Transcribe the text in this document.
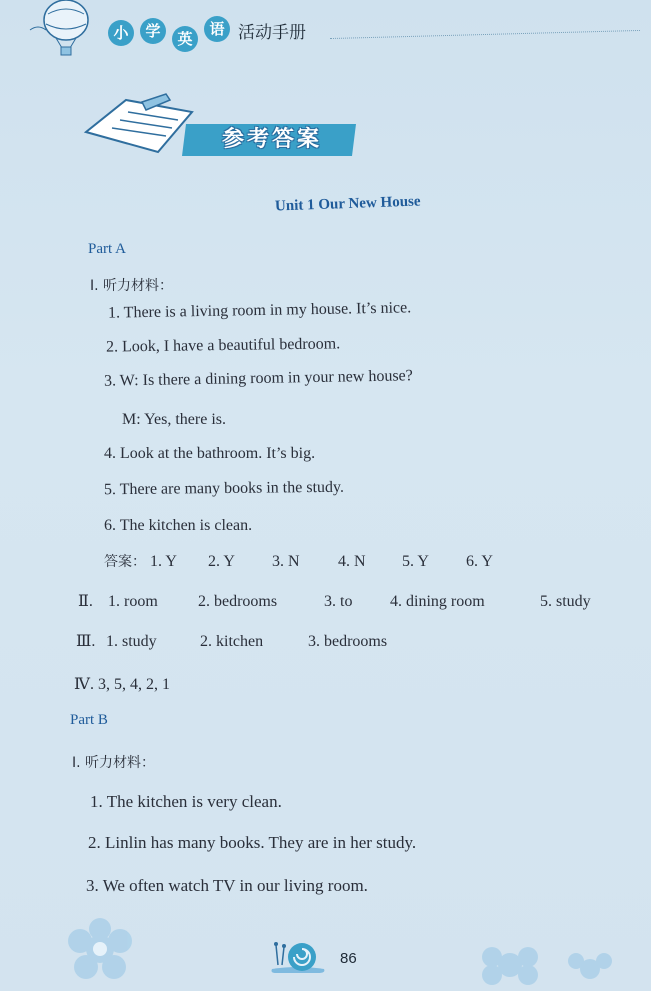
小	学	英
语 活动手册
参考答案
Unit 1 Our New House
Part A
Ⅰ. 听力材料：
1. There is a living room in my house. It’s nice.
2. Look, I have a beautiful bedroom.
3. W: Is there a dining room in your new house?
M: Yes, there is.
4. Look at the bathroom. It’s big.
5. There are many books in the study.
6. The kitchen is clean.
答案： 1. Y 2. Y 3. N 4. N 5. Y 6. Y
Ⅱ. 1. room	2. bedrooms	3. to 4. dining room	5. study
Ⅲ. 1. study	2. kitchen	3. bedrooms
Ⅳ. 3, 5, 4, 2, 1
Part B
Ⅰ. 听力材料：
1. The kitchen is very clean.
2. Linlin has many books. They are in her study.
3. We often watch TV in our living room.
86
